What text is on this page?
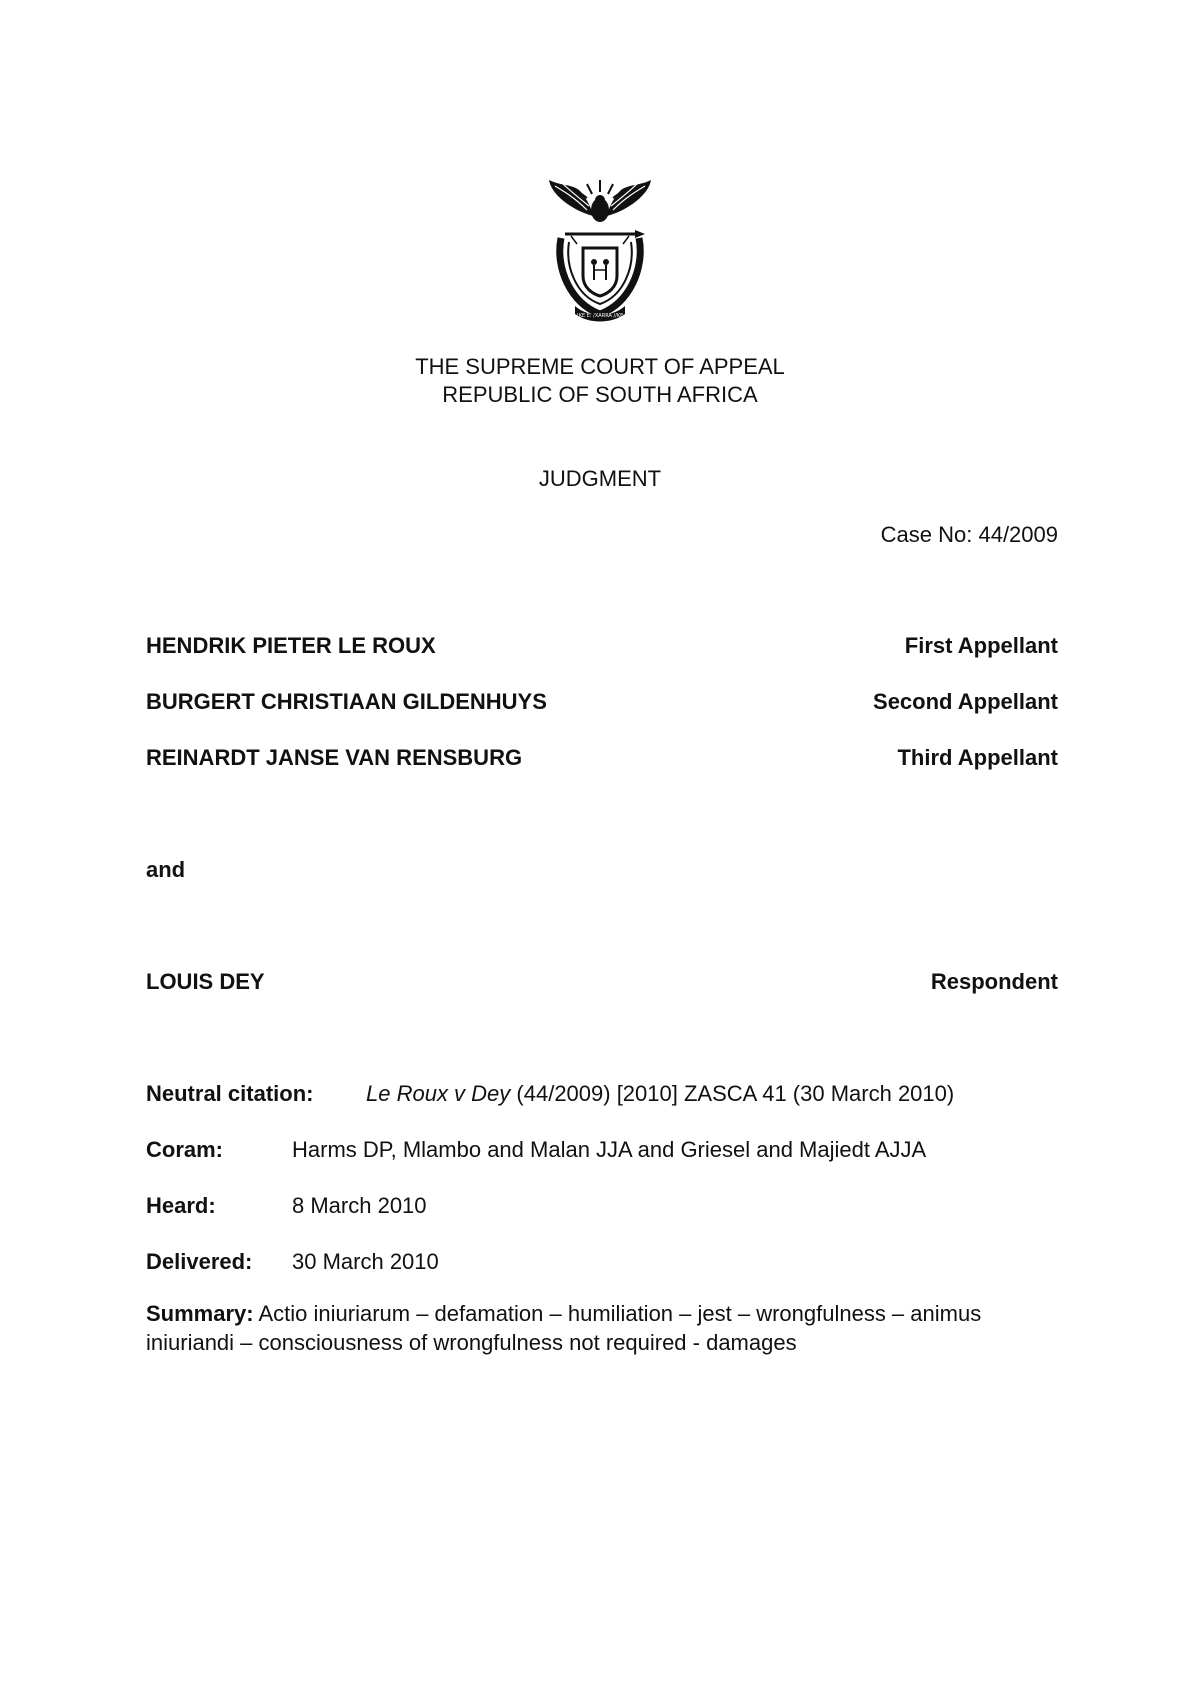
!KE E: /XARRA //KE
THE SUPREME COURT OF APPEAL
REPUBLIC OF SOUTH AFRICA
JUDGMENT
Case No: 44/2009
HENDRIK PIETER LE ROUX	First Appellant
BURGERT CHRISTIAAN GILDENHUYS	Second Appellant
REINARDT JANSE VAN RENSBURG	Third Appellant
and
LOUIS DEY	Respondent
Neutral citation: Le Roux v Dey (44/2009) [2010] ZASCA 41 (30 March 2010)
Coram:	Harms DP, Mlambo and Malan JJA and Griesel and Majiedt AJJA
Heard:	8 March 2010
Delivered: 30 March 2010
Summary: Actio iniuriarum – defamation – humiliation – jest – wrongfulness – animus iniuriandi – consciousness of wrongfulness not required - damages
